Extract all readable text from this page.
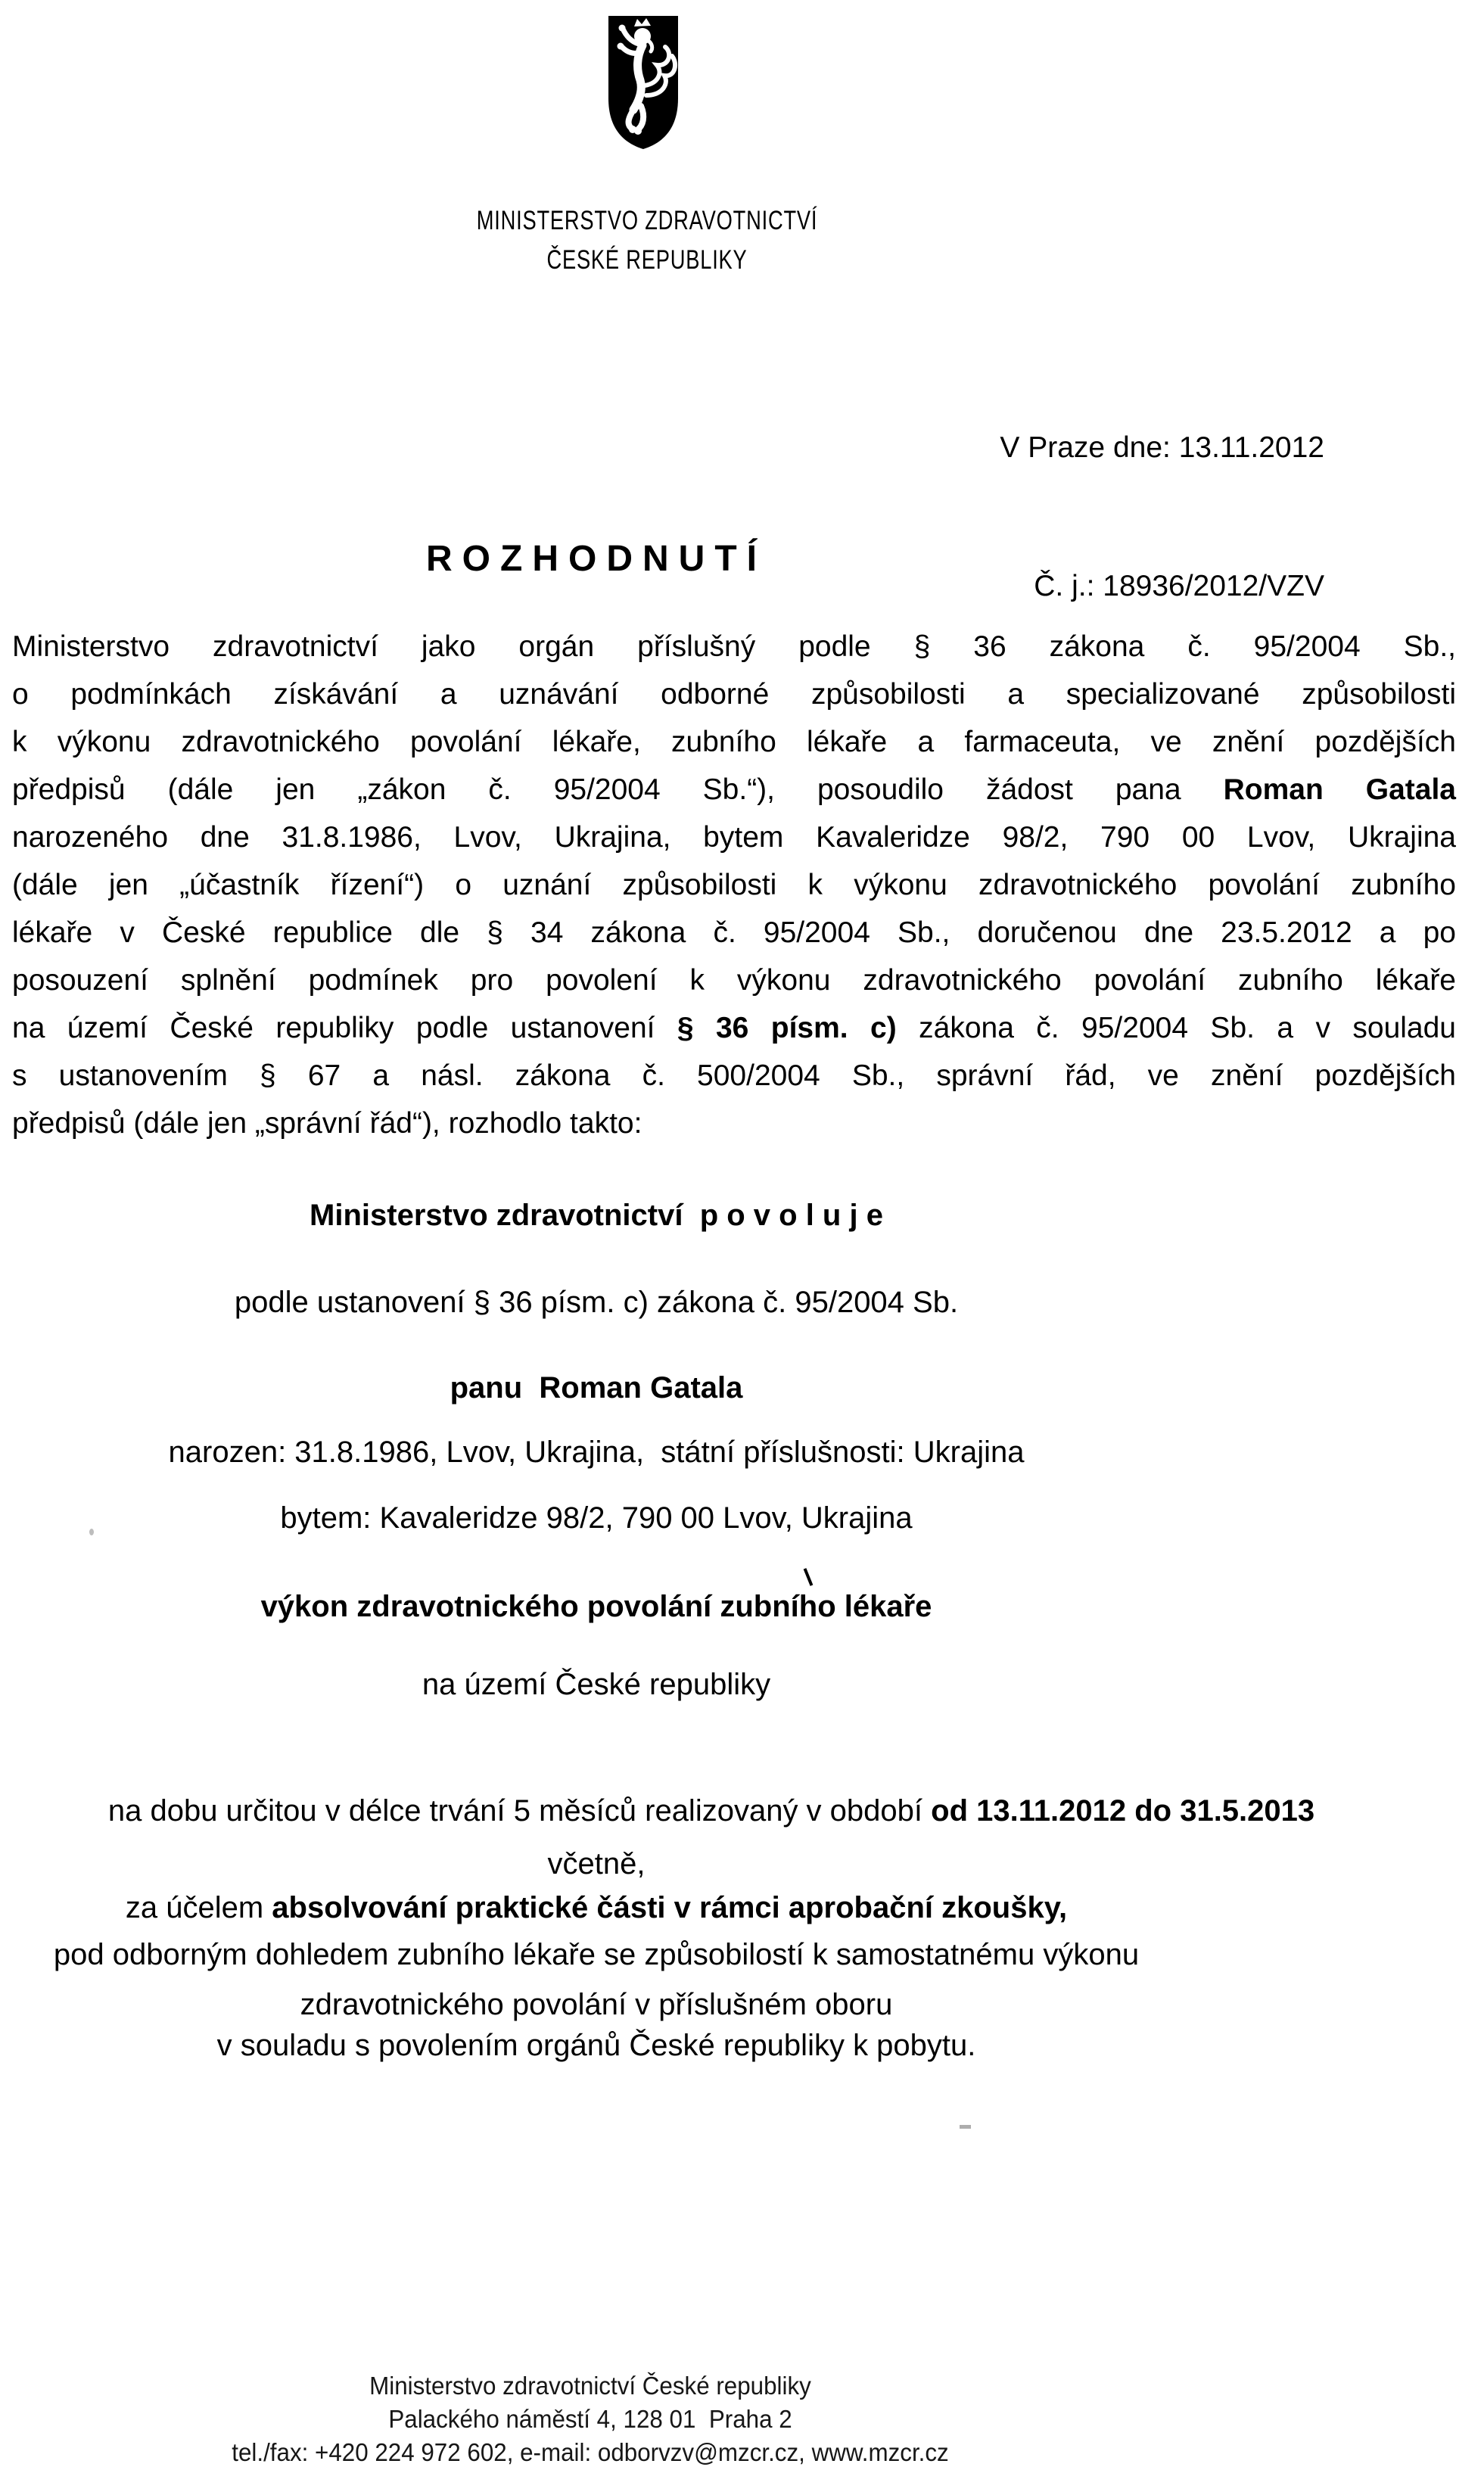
MINISTERSTVO ZDRAVOTNICTVÍ
ČESKÉ REPUBLIKY

V Praze dne: 13.11.2012

Č. j.: 18936/2012/VZV

ROZHODNUTÍ
Ministerstvo zdravotnictví jako orgán příslušný podle § 36 zákona č. 95/2004 Sb.,
o podmínkách získávání a uznávání odborné způsobilosti a specializované způsobilosti
k výkonu zdravotnického povolání lékaře, zubního lékaře a farmaceuta, ve znění pozdějších
předpisů (dále jen „zákon č. 95/2004 Sb.“), posoudilo žádost pana Roman Gatala
narozeného dne 31.8.1986, Lvov, Ukrajina, bytem Kavaleridze 98/2, 790 00 Lvov, Ukrajina
(dále jen „účastník řízení“) o uznání způsobilosti k výkonu zdravotnického povolání zubního
lékaře v České republice dle § 34 zákona č. 95/2004 Sb., doručenou dne 23.5.2012 a po
posouzení splnění podmínek pro povolení k výkonu zdravotnického povolání zubního lékaře
na území České republiky podle ustanovení § 36 písm. c) zákona č. 95/2004 Sb. a v souladu
s ustanovením § 67 a násl. zákona č. 500/2004 Sb., správní řád, ve znění pozdějších
předpisů (dále jen „správní řád“), rozhodlo takto:
Ministerstvo zdravotnictví  p o v o l u j e
podle ustanovení § 36 písm. c) zákona č. 95/2004 Sb.
panu  Roman Gatala
narozen: 31.8.1986, Lvov, Ukrajina,  státní příslušnosti: Ukrajina
bytem: Kavaleridze 98/2, 790 00 Lvov, Ukrajina
výkon zdravotnického povolání zubního lékaře
na území České republiky
na dobu určitou v délce trvání 5 měsíců realizovaný v období od 13.11.2012 do 31.5.2013
včetně,
za účelem absolvování praktické části v rámci aprobační zkoušky,
pod odborným dohledem zubního lékaře se způsobilostí k samostatnému výkonu
zdravotnického povolání v příslušném oboru
v souladu s povolením orgánů České republiky k pobytu.
Ministerstvo zdravotnictví České republiky
Palackého náměstí 4, 128 01  Praha 2
tel./fax: +420 224 972 602, e-mail: odborvzv@mzcr.cz, www.mzcr.cz
